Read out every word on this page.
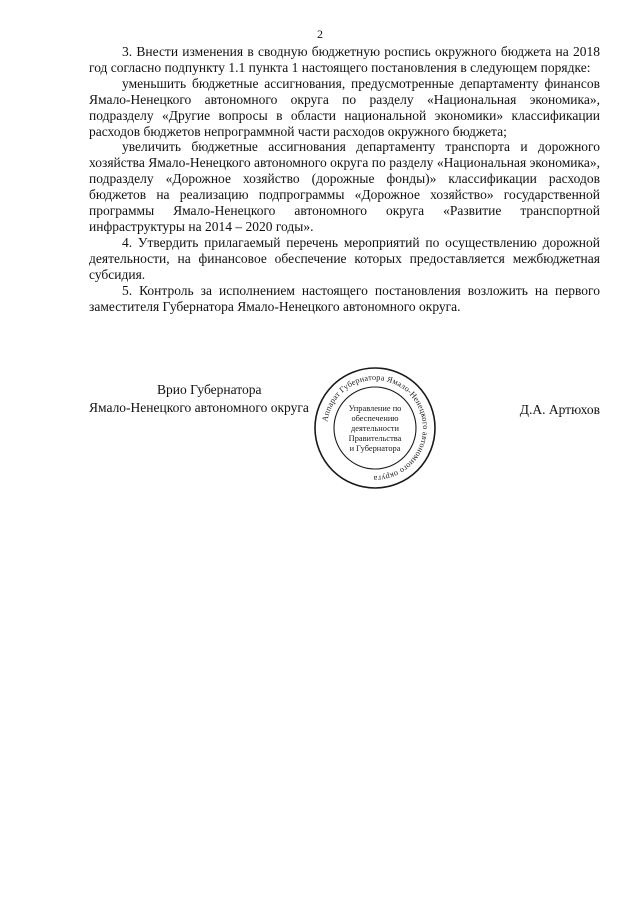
2

3. Внести изменения в сводную бюджетную роспись окружного бюджета на 2018 год согласно подпункту 1.1 пункта 1 настоящего постановления в следующем порядке:

уменьшить бюджетные ассигнования, предусмотренные департаменту финансов Ямало-Ненецкого автономного округа по разделу «Национальная экономика», подразделу «Другие вопросы в области национальной экономики» классификации расходов бюджетов непрограммной части расходов окружного бюджета;

увеличить бюджетные ассигнования департаменту транспорта и дорожного хозяйства Ямало-Ненецкого автономного округа по разделу «Национальная экономика», подразделу «Дорожное хозяйство (дорожные фонды)» классификации расходов бюджетов на реализацию подпрограммы «Дорожное хозяйство» государственной программы Ямало-Ненецкого автономного округа «Развитие транспортной инфраструктуры на 2014 – 2020 годы».

4. Утвердить прилагаемый перечень мероприятий по осуществлению дорожной деятельности, на финансовое обеспечение которых предоставляется межбюджетная субсидия.

5. Контроль за исполнением настоящего постановления возложить на первого заместителя Губернатора Ямало-Ненецкого автономного округа.

Врио Губернатора
Ямало-Ненецкого автономного округа
Аппарат Губернатора Ямало-Ненецкого автономного округа
Управление по обеспечению деятельности Правительства и Губернатора
Д.А. Артюхов
